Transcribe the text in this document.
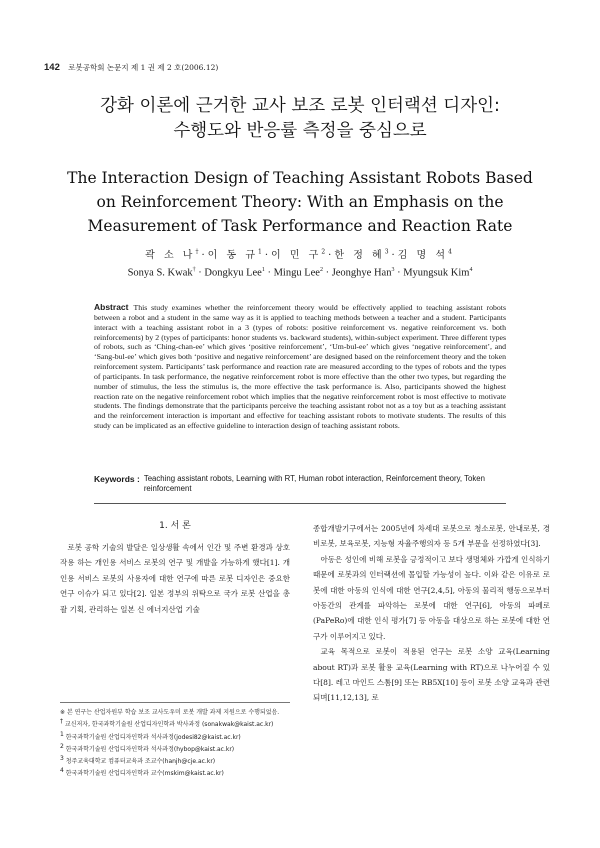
142 로봇공학회 논문지 제 1 권 제 2 호(2006.12)
강화 이론에 근거한 교사 보조 로봇 인터랙션 디자인:
수행도와 반응률 측정을 중심으로
The Interaction Design of Teaching Assistant Robots Based
on Reinforcement Theory: With an Emphasis on the
Measurement of Task Performance and Reaction Rate
곽 소 나†·이 동 규$^1$·이 민 구$^2$·한 정 혜$^3$·김 명 석$^4$
Sonya S. Kwak† · Dongkyu Lee$^1$ · Mingu Lee$^2$ · Jeonghye Han$^3$ · Myungsuk Kim$^4$
Abstract This study examines whether the reinforcement theory would be effectively applied to teaching assistant robots between a robot and a student in the same way as it is applied to teaching methods between a teacher and a student. Participants interact with a teaching assistant robot in a 3 (types of robots: positive reinforcement vs. negative reinforcement vs. both reinforcements) by 2 (types of participants: honor students vs. backward students), within-subject experiment. Three different types of robots, such as ‘Ching-chan-ee’ which gives ‘positive reinforcement’, ‘Um-bul-ee’ which gives ‘negative reinforcement’, and ‘Sang-bul-ee’ which gives both ‘positive and negative reinforcement’ are designed based on the reinforcement theory and the token reinforcement system. Participants’ task performance and reaction rate are measured according to the types of robots and the types of participants. In task performance, the negative reinforcement robot is more effective than the other two types, but regarding the number of stimulus, the less the stimulus is, the more effective the task performance is. Also, participants showed the highest reaction rate on the negative reinforcement robot which implies that the negative reinforcement robot is most effective to motivate students. The findings demonstrate that the participants perceive the teaching assistant robot not as a toy but as a teaching assistant and the reinforcement interaction is important and effective for teaching assistant robots to motivate students. The results of this study can be implicated as an effective guideline to interaction design of teaching assistant robots.
Keywords : Teaching assistant robots, Learning with RT, Human robot interaction, Reinforcement theory, Token reinforcement
1. 서 론

로봇 공학 기술의 발달은 일상생활 속에서 인간 및 주변 환경과 상호작용 하는 개인용 서비스 로봇의 연구 및 개발을 가능하게 했다[1]. 개인용 서비스 로봇의 사용자에 대한 연구에 따른 로봇 디자인은 중요한 연구 이슈가 되고 있다[2]. 일본 정부의 위탁으로 국가 로봇 산업을 총괄 기획, 관리하는 일본 신 에너지산업 기술

※ 본 연구는 산업자원부 학습 보조 교사도우미 로봇 개발 과제 지원으로 수행되었음.
† 교신저자, 한국과학기술원 산업디자인학과 박사과정 (sonakwak@kaist.ac.kr)
$^1$ 한국과학기술원 산업디자인학과 석사과정(jodesi82@kaist.ac.kr)
$^2$ 한국과학기술원 산업디자인학과 석사과정(hybop@kaist.ac.kr)
$^3$ 청주교육대학교 컴퓨터교육과 조교수(hanjh@cje.ac.kr)
$^4$ 한국과학기술원 산업디자인학과 교수(mskim@kaist.ac.kr)

종합개발기구에서는 2005년에 차세대 로봇으로 청소로봇, 안내로봇, 경비로봇, 보육로봇, 지능형 자율주행의자 등 5개 부문을 선정하였다[3].

아동은 성인에 비해 로봇을 긍정적이고 보다 생명체와 가깝게 인식하기 때문에 로봇과의 인터랙션에 몰입할 가능성이 높다. 이와 같은 이유로 로봇에 대한 아동의 인식에 대한 연구[2,4,5], 아동의 물리적 행동으로부터 아동간의 관계를 파악하는 로봇에 대한 연구[6], 아동의 파페로(PaPeRo)에 대한 인식 평가[7] 등 아동을 대상으로 하는 로봇에 대한 연구가 이루어지고 있다.

교육 목적으로 로봇이 적용된 연구는 로봇 소양 교육(Learning about RT)과 로봇 활용 교육(Learning with RT)으로 나누어질 수 있다[8]. 레고 마인드 스톰[9] 또는 RB5X[10] 등이 로봇 소양 교육과 관련되며[11,12,13], 로
